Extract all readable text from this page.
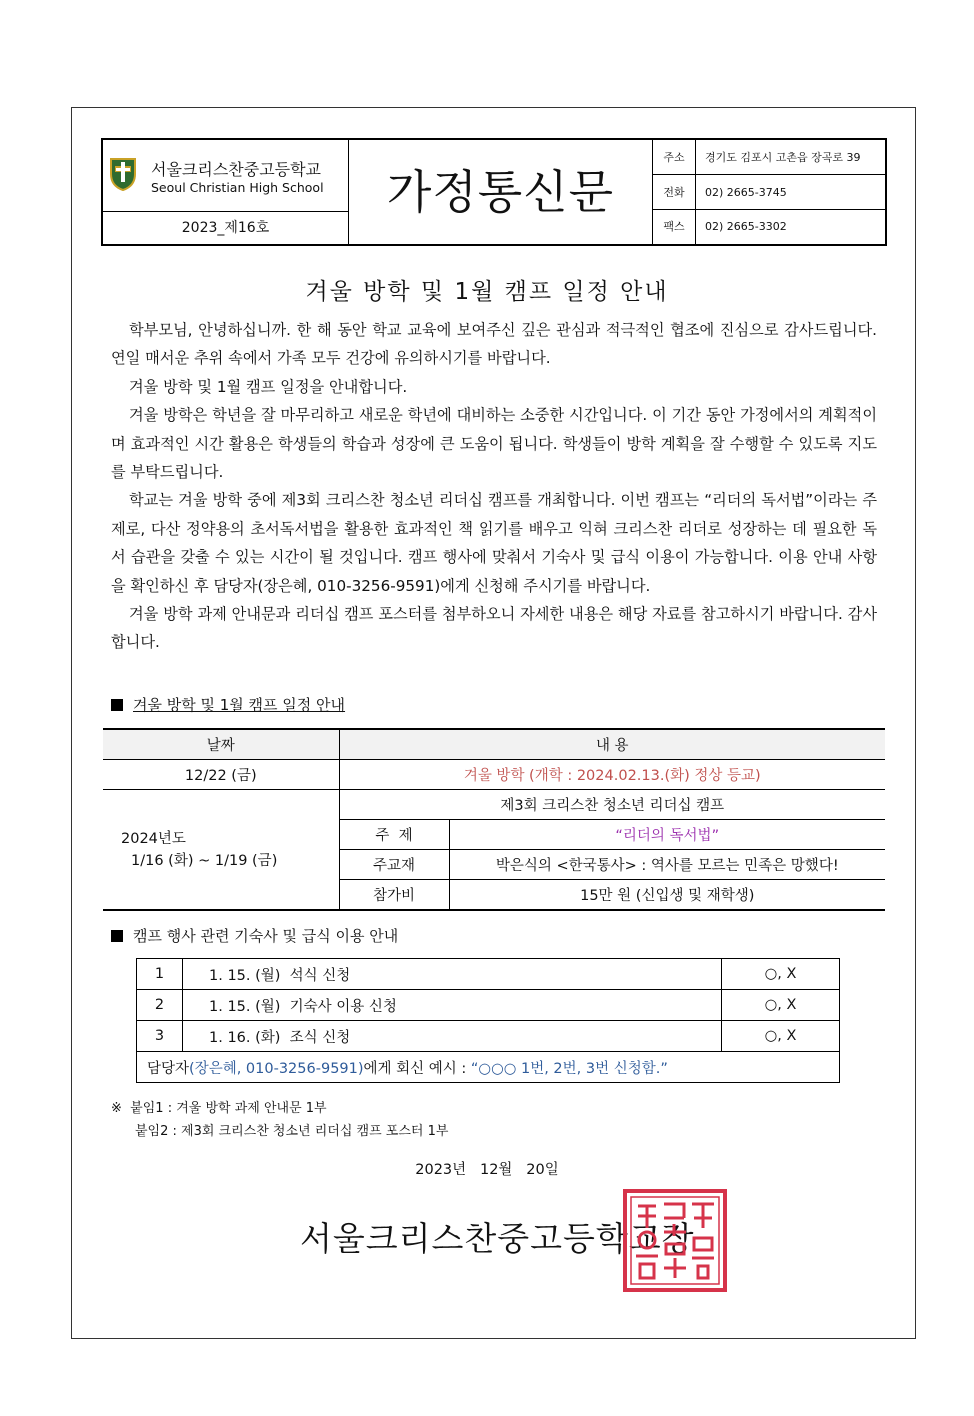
서울크리스찬중고등학교
Seoul Christian High School
2023_제16호
가정통신문
주소	경기도 김포시 고촌읍 장곡로 39
전화	02) 2665-3745
팩스	02) 2665-3302
겨울 방학 및 1월 캠프 일정 안내

학부모님, 안녕하십니까. 한 해 동안 학교 교육에 보여주신 깊은 관심과 적극적인 협조에 진심으로 감사드립니다. 연일 매서운 추위 속에서 가족 모두 건강에 유의하시기를 바랍니다.

겨울 방학 및 1월 캠프 일정을 안내합니다.

겨울 방학은 학년을 잘 마무리하고 새로운 학년에 대비하는 소중한 시간입니다. 이 기간 동안 가정에서의 계획적이며 효과적인 시간 활용은 학생들의 학습과 성장에 큰 도움이 됩니다. 학생들이 방학 계획을 잘 수행할 수 있도록 지도를 부탁드립니다.

학교는 겨울 방학 중에 제3회 크리스찬 청소년 리더십 캠프를 개최합니다. 이번 캠프는 “리더의 독서법”이라는 주제로, 다산 정약용의 초서독서법을 활용한 효과적인 책 읽기를 배우고 익혀 크리스찬 리더로 성장하는 데 필요한 독서 습관을 갖출 수 있는 시간이 될 것입니다. 캠프 행사에 맞춰서 기숙사 및 급식 이용이 가능합니다. 이용 안내 사항을 확인하신 후 담당자(장은혜, 010-3256-9591)에게 신청해 주시기를 바랍니다.

겨울 방학 과제 안내문과 리더십 캠프 포스터를 첨부하오니 자세한 내용은 해당 자료를 참고하시기 바랍니다. 감사합니다.

겨울 방학 및 1월 캠프 일정 안내
날짜	내 용	
12/22 (금)	겨울 방학 (개학 : 2024.02.13.(화) 정상 등교)	

2024년도
1/16 (화) ~ 1/19 (금)	제3회 크리스찬 청소년 리더십 캠프	
	주  제	“리더의 독서법”
	주교재	박은식의 <한국통사> : 역사를 모르는 민족은 망했다!
	참가비	15만 원 (신입생 및 재학생)
캠프 행사 관련 기숙사 및 급식 이용 안내
1	1. 15. (월)  석식 신청	○, X
2	1. 15. (월)  기숙사 이용 신청	○, X
3	1. 16. (화)  조식 신청	○, X
담당자(장은혜, 010-3256-9591)에게 회신 예시 : “○○○ 1번, 2번, 3번 신청함.”		
※ 붙임1 : 겨울 방학 과제 안내문 1부
붙임2 : 제3회 크리스찬 청소년 리더십 캠프 포스터 1부
2023년   12월   20일
서울크리스찬중고등학교장
